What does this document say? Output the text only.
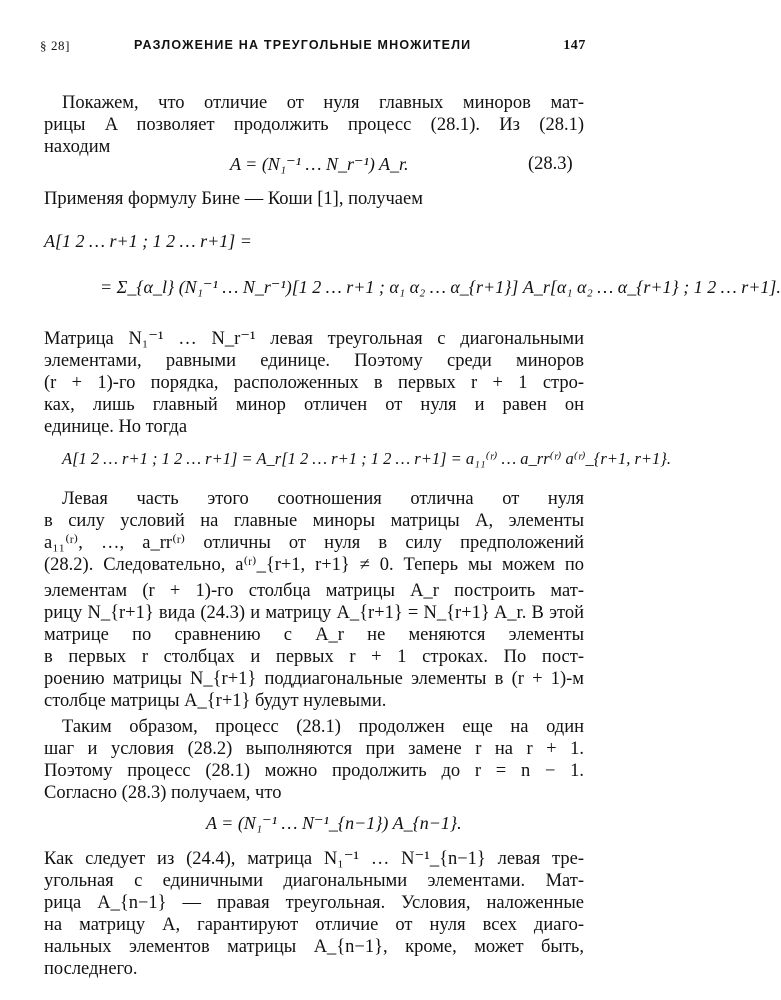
§ 28]	РАЗЛОЖЕНИЕ НА ТРЕУГОЛЬНЫЕ МНОЖИТЕЛИ	147
Покажем, что отличие от нуля главных миноров мат-
рицы A позволяет продолжить процесс (28.1). Из (28.1)
находим
A = (N₁⁻¹ … N_r⁻¹) A_r.	(28.3)
Применяя формулу Бине — Коши [1], получаем
A[1 2 … r+1 ; 1 2 … r+1] =
= Σ_{α_l} (N₁⁻¹ … N_r⁻¹)[1 2 … r+1 ; α₁ α₂ … α_{r+1}] A_r[α₁ α₂ … α_{r+1} ; 1 2 … r+1].
Матрица N₁⁻¹ … N_r⁻¹ левая треугольная с диагональными
элементами, равными единице. Поэтому среди миноров
(r + 1)-го порядка, расположенных в первых r + 1 стро-
ках, лишь главный минор отличен от нуля и равен он
единице. Но тогда
A[1 2 … r+1 ; 1 2 … r+1] = A_r[1 2 … r+1 ; 1 2 … r+1] = a₁₁⁽ʳ⁾ … a_rr⁽ʳ⁾ a⁽ʳ⁾_{r+1, r+1}.
Левая часть этого соотношения отлична от нуля
в силу условий на главные миноры матрицы A, элементы
a₁₁⁽ʳ⁾, …, a_rr⁽ʳ⁾ отличны от нуля в силу предположений
(28.2). Следовательно, a⁽ʳ⁾_{r+1, r+1} ≠ 0. Теперь мы можем по
элементам (r + 1)-го столбца матрицы A_r построить мат-
рицу N_{r+1} вида (24.3) и матрицу A_{r+1} = N_{r+1} A_r. В этой
матрице по сравнению с A_r не меняются элементы
в первых r столбцах и первых r + 1 строках. По пост-
роению матрицы N_{r+1} поддиагональные элементы в (r + 1)-м
столбце матрицы A_{r+1} будут нулевыми.
Таким образом, процесс (28.1) продолжен еще на один
шаг и условия (28.2) выполняются при замене r на r + 1.
Поэтому процесс (28.1) можно продолжить до r = n − 1.
Согласно (28.3) получаем, что
A = (N₁⁻¹ … N⁻¹_{n−1}) A_{n−1}.
Как следует из (24.4), матрица N₁⁻¹ … N⁻¹_{n−1} левая тре-
угольная с единичными диагональными элементами. Мат-
рица A_{n−1} — правая треугольная. Условия, наложенные
на матрицу A, гарантируют отличие от нуля всех диаго-
нальных элементов матрицы A_{n−1}, кроме, может быть,
последнего.
